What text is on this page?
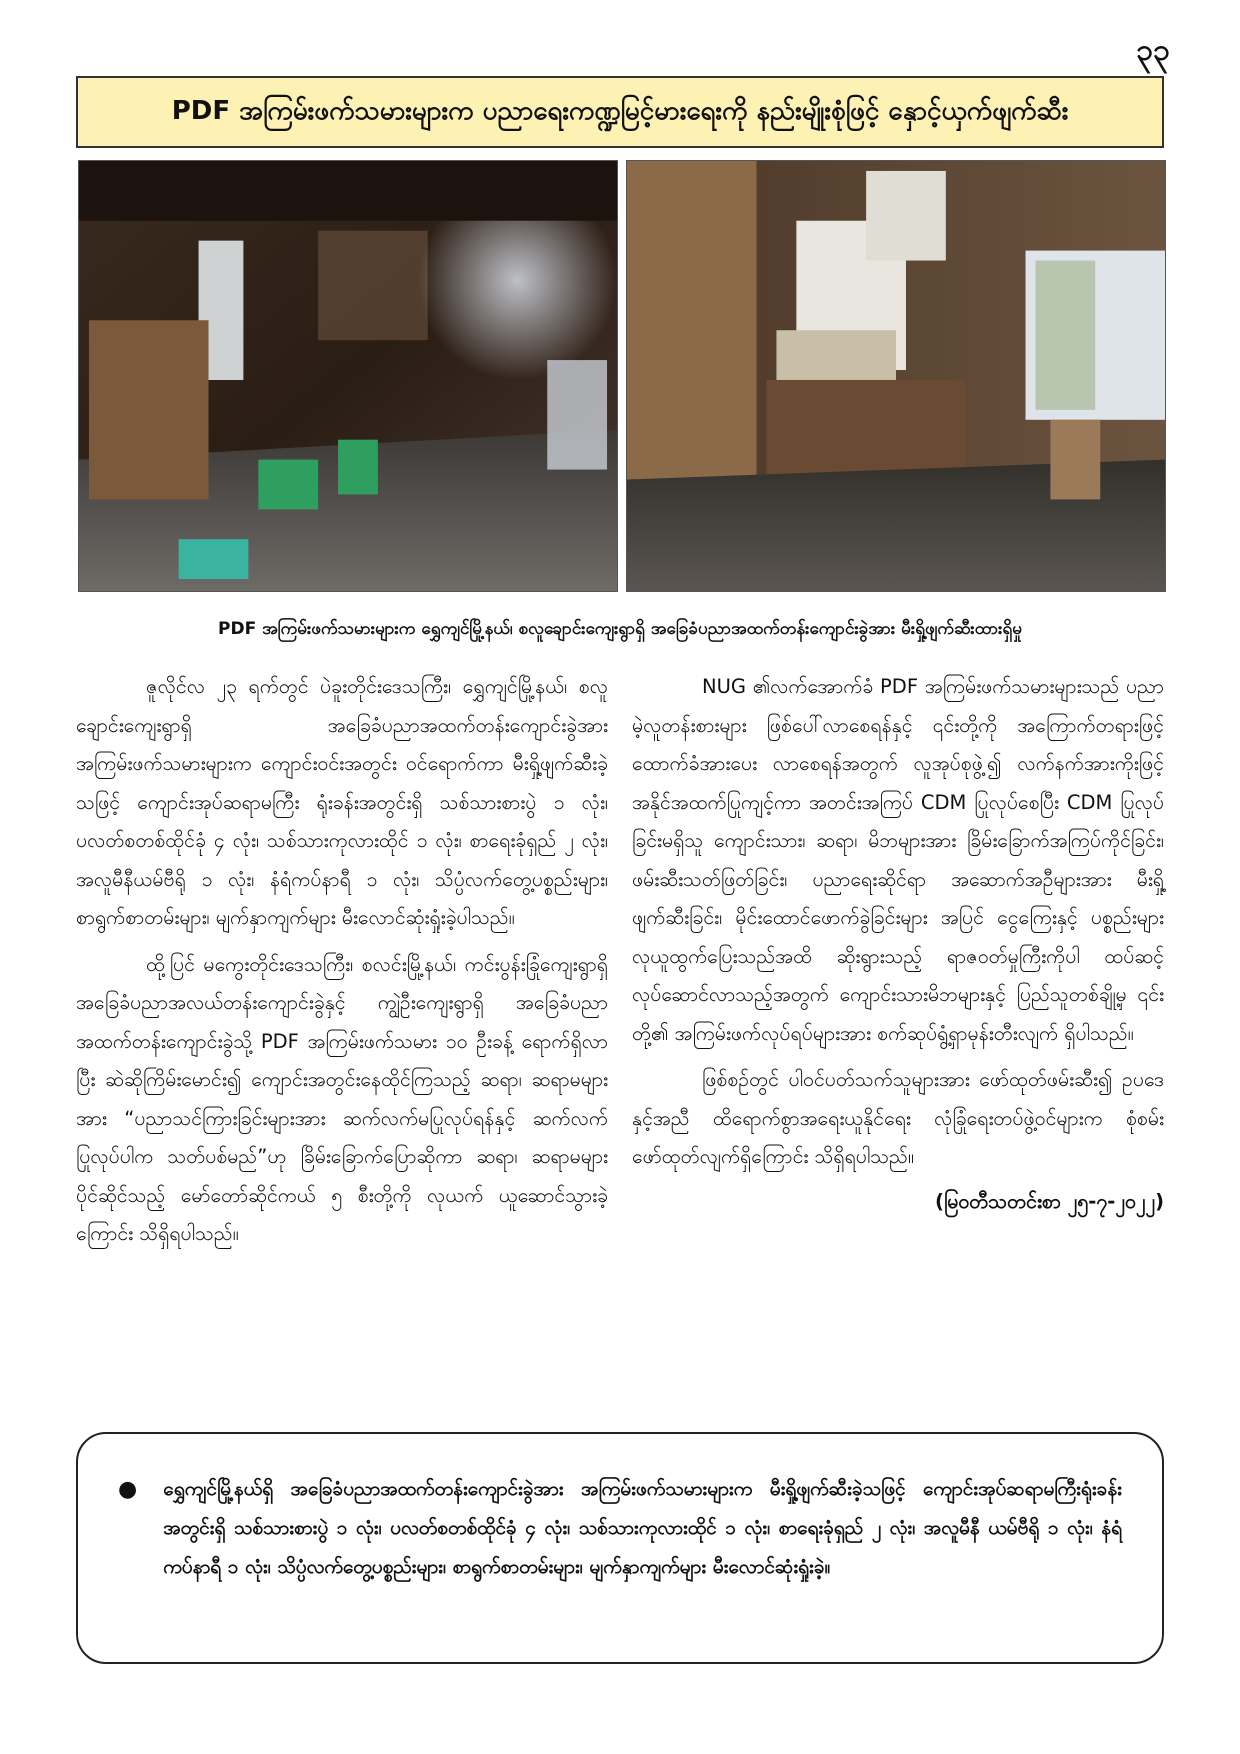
၃၃
PDF အကြမ်းဖက်သမားများက ပညာရေးကဏ္ဍမြင့်မားရေးကို နည်းမျိုးစုံဖြင့် နှောင့်ယှက်ဖျက်ဆီး
PDF အကြမ်းဖက်သမားများက ရွှေကျင်မြို့နယ်၊ စလူချောင်းကျေးရွာရှိ အခြေခံပညာအထက်တန်းကျောင်းခွဲအား မီးရှို့ဖျက်ဆီးထားရှိမှု

ဇူလိုင်လ ၂၃ ရက်တွင် ပဲခူးတိုင်းဒေသကြီး၊ ရွှေကျင်မြို့နယ်၊ စလူချောင်းကျေးရွာရှိ အခြေခံပညာအထက်တန်းကျောင်းခွဲအား အကြမ်းဖက်သမားများက ကျောင်းဝင်းအတွင်း ဝင်ရောက်ကာ မီးရှို့ဖျက်ဆီးခဲ့သဖြင့် ကျောင်းအုပ်ဆရာမကြီး ရုံးခန်းအတွင်းရှိ သစ်သားစားပွဲ ၁ လုံး၊ ပလတ်စတစ်ထိုင်ခုံ ၄ လုံး၊ သစ်သားကုလားထိုင် ၁ လုံး၊ စာရေးခုံရှည် ၂ လုံး၊ အလူမီနီယမ်ဗီရို ၁ လုံး၊ နံရံကပ်နာရီ ၁ လုံး၊ သိပ္ပံလက်တွေ့ပစ္စည်းများ၊ စာရွက်စာတမ်းများ၊ မျက်နှာကျက်များ မီးလောင်ဆုံးရှုံးခဲ့ပါသည်။

ထို့ပြင် မကွေးတိုင်းဒေသကြီး၊ စလင်းမြို့နယ်၊ ကင်းပွန်းခြုံကျေးရွာရှိ အခြေခံပညာအလယ်တန်းကျောင်းခွဲနှင့် ကျွဲဦးကျေးရွာရှိ အခြေခံပညာအထက်တန်းကျောင်းခွဲသို့ PDF အကြမ်းဖက်သမား ၁၀ ဦးခန့် ရောက်ရှိလာပြီး ဆဲဆိုကြိမ်းမောင်း၍ ကျောင်းအတွင်းနေထိုင်ကြသည့် ဆရာ၊ ဆရာမများအား “ပညာသင်ကြားခြင်းများအား ဆက်လက်မပြုလုပ်ရန်နှင့် ဆက်လက်ပြုလုပ်ပါက သတ်ပစ်မည်”ဟု ခြိမ်းခြောက်ပြောဆိုကာ ဆရာ၊ ဆရာမများ ပိုင်ဆိုင်သည့် မော်တော်ဆိုင်ကယ် ၅ စီးတို့ကို လုယက် ယူဆောင်သွားခဲ့ကြောင်း သိရှိရပါသည်။

NUG ၏လက်အောက်ခံ PDF အကြမ်းဖက်သမားများသည် ပညာမဲ့လူတန်းစားများ ဖြစ်ပေါ်လာစေရန်နှင့် ၎င်းတို့ကို အကြောက်တရားဖြင့် ထောက်ခံအားပေး လာစေရန်အတွက် လူအုပ်စုဖွဲ့၍ လက်နက်အားကိုးဖြင့် အနိုင်အထက်ပြုကျင့်ကာ အတင်းအကြပ် CDM ပြုလုပ်စေပြီး CDM ပြုလုပ်ခြင်းမရှိသူ ကျောင်းသား၊ ဆရာ၊ မိဘများအား ခြိမ်းခြောက်အကြပ်ကိုင်ခြင်း၊ ဖမ်းဆီးသတ်ဖြတ်ခြင်း၊ ပညာရေးဆိုင်ရာ အဆောက်အဦများအား မီးရှို့ဖျက်ဆီးခြင်း၊ မိုင်းထောင်ဖောက်ခွဲခြင်းများ အပြင် ငွေကြေးနှင့် ပစ္စည်းများလုယူထွက်ပြေးသည်အထိ ဆိုးရွားသည့် ရာဇဝတ်မှုကြီးကိုပါ ထပ်ဆင့်လုပ်ဆောင်လာသည့်အတွက် ကျောင်းသားမိဘများနှင့် ပြည်သူတစ်ချို့မှ ၎င်းတို့၏ အကြမ်းဖက်လုပ်ရပ်များအား စက်ဆုပ်ရွံ့ရှာမုန်းတီးလျက် ရှိပါသည်။

ဖြစ်စဉ်တွင် ပါဝင်ပတ်သက်သူများအား ဖော်ထုတ်ဖမ်းဆီး၍ ဥပဒေနှင့်အညီ ထိရောက်စွာအရေးယူနိုင်ရေး လုံခြုံရေးတပ်ဖွဲ့ဝင်များက စုံစမ်းဖော်ထုတ်လျက်ရှိကြောင်း သိရှိရပါသည်။

(မြဝတီသတင်းစာ ၂၅-၇-၂၀၂၂)
● ရွှေကျင်မြို့နယ်ရှိ အခြေခံပညာအထက်တန်းကျောင်းခွဲအား အကြမ်းဖက်သမားများက မီးရှို့ဖျက်ဆီးခဲ့သဖြင့် ကျောင်းအုပ်ဆရာမကြီးရုံးခန်းအတွင်းရှိ သစ်သားစားပွဲ ၁ လုံး၊ ပလတ်စတစ်ထိုင်ခုံ ၄ လုံး၊ သစ်သားကုလားထိုင် ၁ လုံး၊ စာရေးခုံရှည် ၂ လုံး၊ အလူမီနီ ယမ်ဗီရို ၁ လုံး၊ နံရံကပ်နာရီ ၁ လုံး၊ သိပ္ပံလက်တွေ့ပစ္စည်းများ၊ စာရွက်စာတမ်းများ၊ မျက်နှာကျက်များ မီးလောင်ဆုံးရှုံးခဲ့။
